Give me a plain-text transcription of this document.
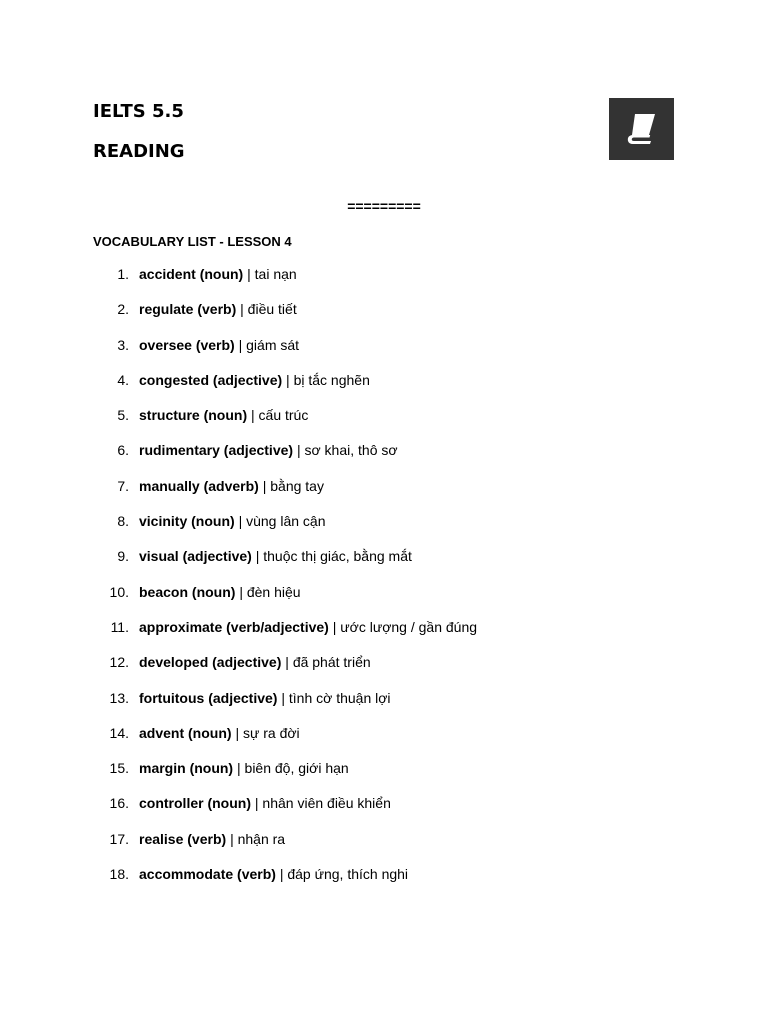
IELTS 5.5
READING
=========
VOCABULARY LIST - LESSON 4
1. accident (noun) | tai nạn
2. regulate (verb) | điều tiết
3. oversee (verb) | giám sát
4. congested (adjective) | bị tắc nghẽn
5. structure (noun) | cấu trúc
6. rudimentary (adjective) | sơ khai, thô sơ
7. manually (adverb) | bằng tay
8. vicinity (noun) | vùng lân cận
9. visual (adjective) | thuộc thị giác, bằng mắt
10. beacon (noun) | đèn hiệu
11. approximate (verb/adjective) | ước lượng / gần đúng
12. developed (adjective) | đã phát triển
13. fortuitous (adjective) | tình cờ thuận lợi
14. advent (noun) | sự ra đời
15. margin (noun) | biên độ, giới hạn
16. controller (noun) | nhân viên điều khiển
17. realise (verb) | nhận ra
18. accommodate (verb) | đáp ứng, thích nghi
